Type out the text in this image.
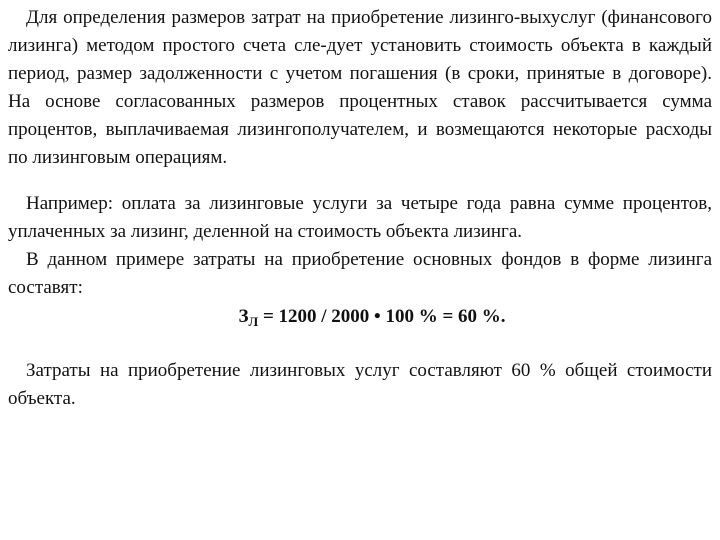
Для определения размеров затрат на приобретение лизинго-выхуслуг (финансового лизинга) методом простого счета сле-дует установить стоимость объекта в каждый период, размер задолженности с учетом погашения (в сроки, принятые в договоре). На основе согласованных размеров процентных ставок рассчитывается сумма процентов, выплачиваемая лизингополучателем, и возмещаются некоторые расходы по лизинговым операциям.

Например: оплата за лизинговые услуги за четыре года равна сумме процентов, уплаченных за лизинг, деленной на стоимость объекта лизинга.

В данном примере затраты на приобретение основных фондов в форме лизинга составят:

$З_Л = 1200 / 2000$ • 100 % = 60 %.

Затраты на приобретение лизинговых услуг составляют 60 % общей стоимости объекта.
